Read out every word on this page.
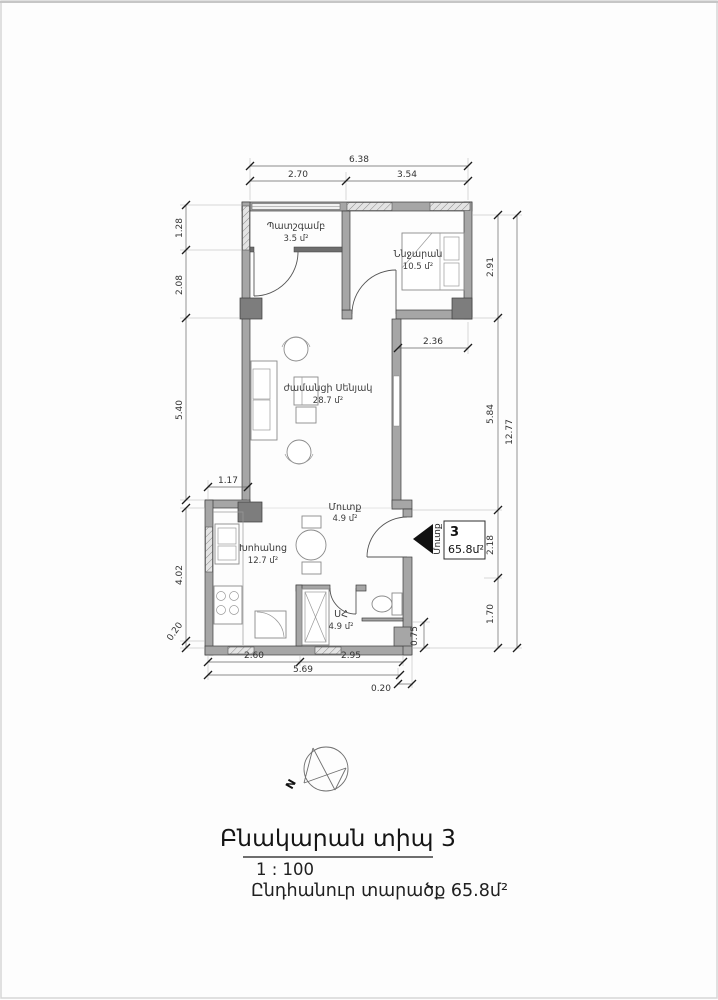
6.38
2.70	3.54
1.28
2.08
5.40
4.02
0.20
2.91
5.84
2.18
1.70
12.77
2.60	2.95
5.69
0.20
1.17
2.36
0.75
Պատշգամբ
3.5 մ²
Ննջարան
10.5 մ²
ժամանցի Սենյակ
28.7 մ²
Խոհանոց
12.7 մ²
Մուտք
4.9 մ²
ՍՀ
4.9 մ²
Մուտք 3
65.8մ²
N
Բնակարան տիպ 3
1 : 100
Ընդհանուր տարածք 65.8մ²
